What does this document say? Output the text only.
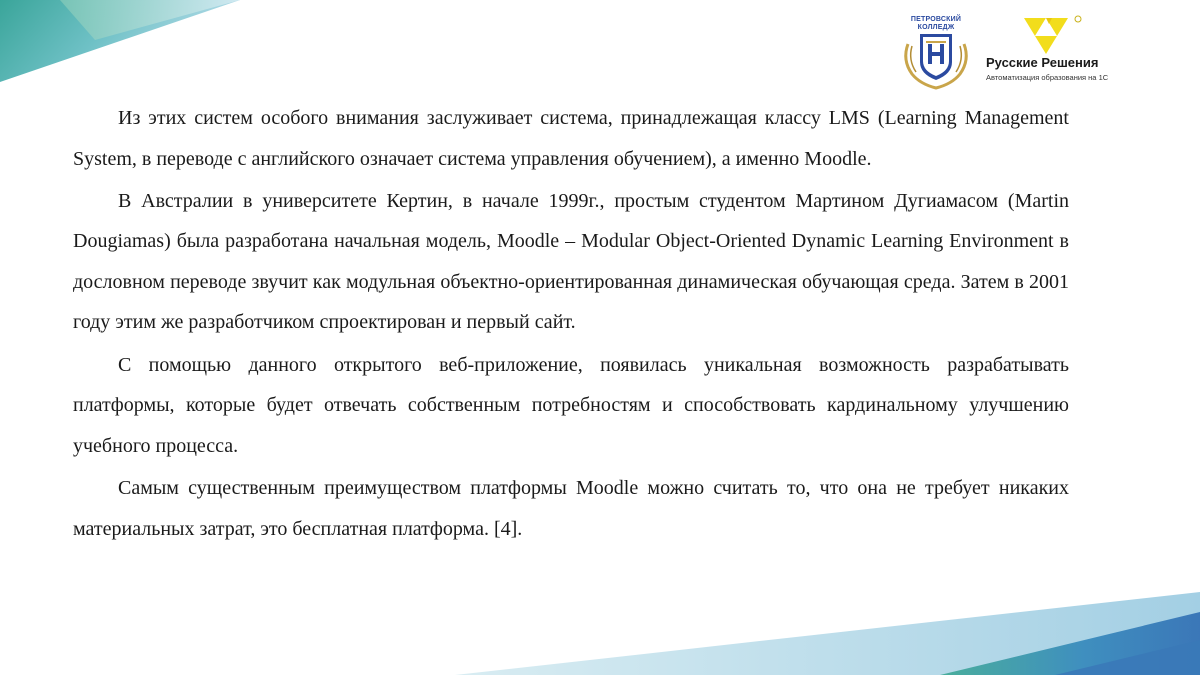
ПЕТРОВСКИЙ
КОЛЛЕДЖ
Русские Решения
Автоматизация образования на 1С

Из этих систем особого внимания заслуживает система, принадлежащая классу LMS (Learning Management System, в переводе с английского означает система управления обучением), а именно Moodle.

В Австралии в университете Кертин, в начале 1999г., простым студентом Мартином Дугиамасом (Martin Dougiamas) была разработана начальная модель, Moodle – Modular Object-Oriented Dynamic Learning Environment в дословном переводе звучит как модульная объектно-ориентированная динамическая обучающая среда. Затем в 2001 году этим же разработчиком спроектирован и первый сайт.

С помощью данного открытого веб-приложение, появилась уникальная возможность разрабатывать платформы, которые будет отвечать собственным потребностям и способствовать кардинальному улучшению учебного процесса.

Самым существенным преимуществом платформы Moodle можно считать то, что она не требует никаких материальных затрат, это бесплатная платформа. [4].
